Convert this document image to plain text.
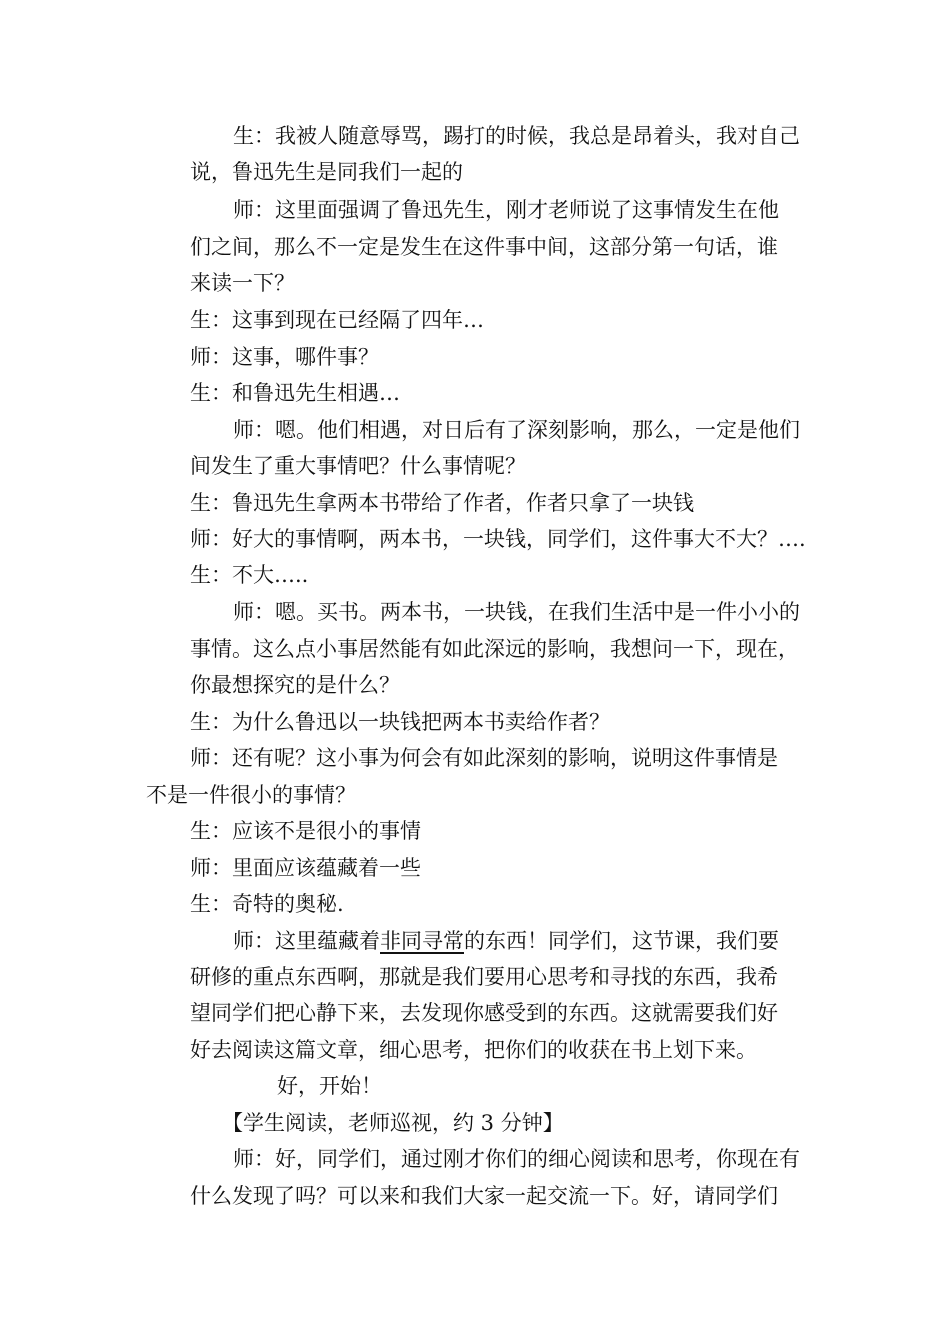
生：我被人随意辱骂，踢打的时候，我总是昂着头，我对自己
说，鲁迅先生是同我们一起的
师：这里面强调了鲁迅先生，刚才老师说了这事情发生在他
们之间，那么不一定是发生在这件事中间，这部分第一句话，谁
来读一下？
生：这事到现在已经隔了四年…
师：这事，哪件事？
生：和鲁迅先生相遇…
师：嗯。他们相遇，对日后有了深刻影响，那么，一定是他们
间发生了重大事情吧？什么事情呢？
生：鲁迅先生拿两本书带给了作者，作者只拿了一块钱
师：好大的事情啊，两本书，一块钱，同学们，这件事大不大？….
生：不大…..
师：嗯。买书。两本书，一块钱，在我们生活中是一件小小的
事情。这么点小事居然能有如此深远的影响，我想问一下，现在，
你最想探究的是什么？
生：为什么鲁迅以一块钱把两本书卖给作者？
师：还有呢？这小事为何会有如此深刻的影响，说明这件事情是
不是一件很小的事情？
生：应该不是很小的事情
师：里面应该蕴藏着一些
生：奇特的奥秘.
师：这里蕴藏着非同寻常的东西！同学们，这节课，我们要
研修的重点东西啊，那就是我们要用心思考和寻找的东西，我希
望同学们把心静下来，去发现你感受到的东西。这就需要我们好
好去阅读这篇文章，细心思考，把你们的收获在书上划下来。
好，开始！
【学生阅读，老师巡视，约 3 分钟】
师：好，同学们，通过刚才你们的细心阅读和思考，你现在有
什么发现了吗？可以来和我们大家一起交流一下。好，请同学们
